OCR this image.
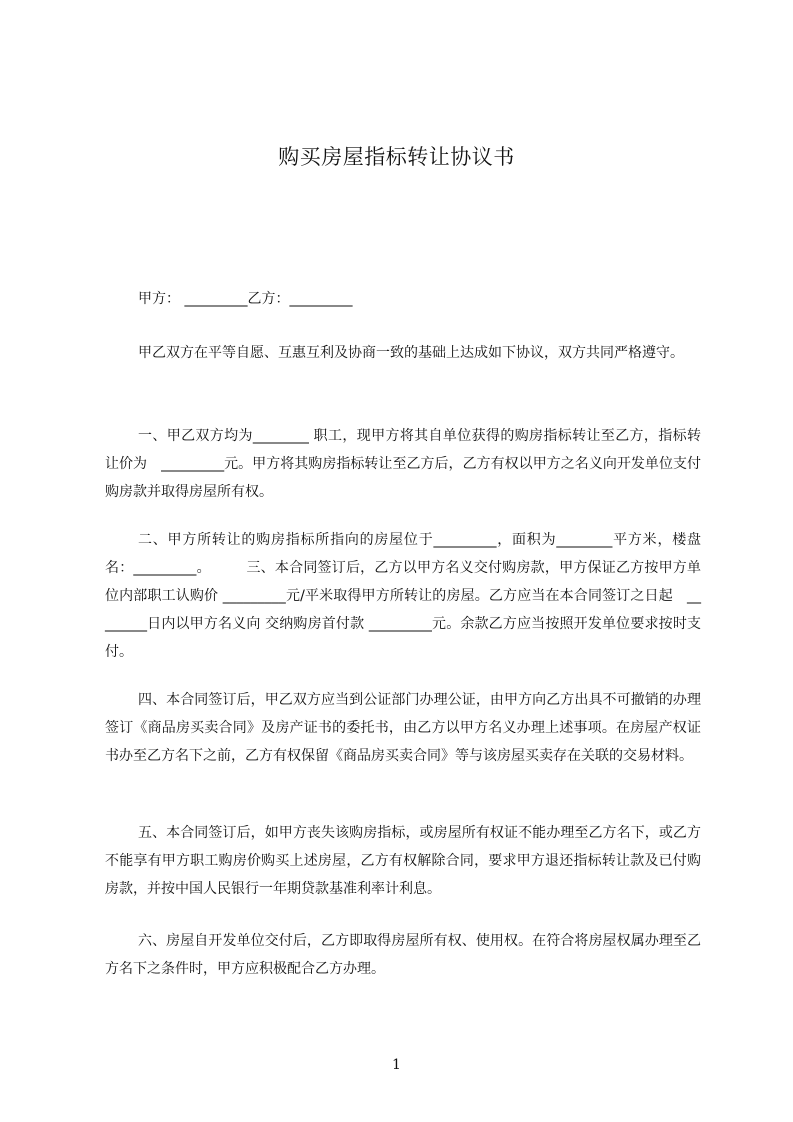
购买房屋指标转让协议书
甲方： _________乙方：_________

甲乙双方在平等自愿、互惠互利及协商一致的基础上达成如下协议，双方共同严格遵守。

一、甲乙双方均为________ 职工，现甲方将其自单位获得的购房指标转让至乙方，指标转让价为　_________元。甲方将其购房指标转让至乙方后，乙方有权以甲方之名义向开发单位支付购房款并取得房屋所有权。

二、甲方所转让的购房指标所指向的房屋位于_________，面积为________平方米，楼盘名：_________。　　　三、本合同签订后，乙方以甲方名义交付购房款，甲方保证乙方按甲方单位内部职工认购价 _________元/平米取得甲方所转让的房屋。乙方应当在本合同签订之日起　________日内以甲方名义向 交纳购房首付款 _________元。余款乙方应当按照开发单位要求按时支付。

四、本合同签订后，甲乙双方应当到公证部门办理公证，由甲方向乙方出具不可撤销的办理签订《商品房买卖合同》及房产证书的委托书，由乙方以甲方名义办理上述事项。在房屋产权证书办至乙方名下之前，乙方有权保留《商品房买卖合同》等与该房屋买卖存在关联的交易材料。

五、本合同签订后，如甲方丧失该购房指标，或房屋所有权证不能办理至乙方名下，或乙方不能享有甲方职工购房价购买上述房屋，乙方有权解除合同，要求甲方退还指标转让款及已付购房款，并按中国人民银行一年期贷款基准利率计利息。

六、房屋自开发单位交付后，乙方即取得房屋所有权、使用权。在符合将房屋权属办理至乙方名下之条件时，甲方应积极配合乙方办理。

1
